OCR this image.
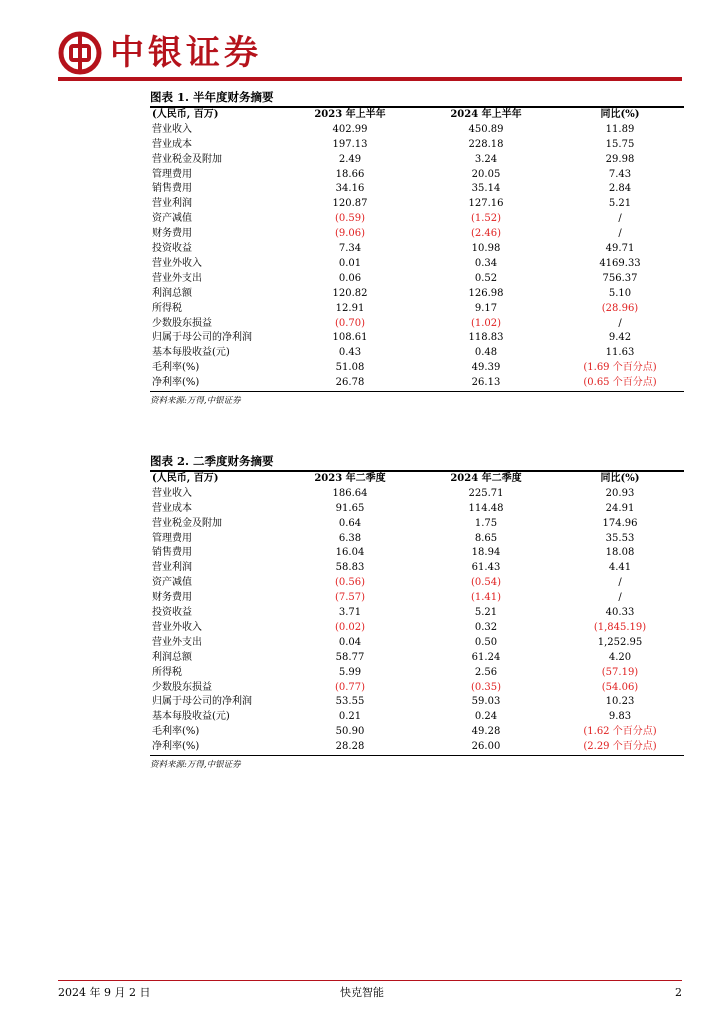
中银证券
图表 1. 半年度财务摘要
(人民币, 百万)	2023 年上半年	2024 年上半年	同比(%)
营业收入	402.99	450.89	11.89
营业成本	197.13	228.18	15.75
营业税金及附加	2.49	3.24	29.98
管理费用	18.66	20.05	7.43
销售费用	34.16	35.14	2.84
营业利润	120.87	127.16	5.21
资产减值	(0.59)	(1.52)	/
财务费用	(9.06)	(2.46)	/
投资收益	7.34	10.98	49.71
营业外收入	0.01	0.34	4169.33
营业外支出	0.06	0.52	756.37
利润总额	120.82	126.98	5.10
所得税	12.91	9.17	(28.96)
少数股东损益	(0.70)	(1.02)	/
归属于母公司的净利润	108.61	118.83	9.42
基本每股收益(元)	0.43	0.48	11.63
毛利率(%)	51.08	49.39	(1.69 个百分点)
净利率(%)	26.78	26.13	(0.65 个百分点)
资料来源:万得,中银证券
图表 2. 二季度财务摘要
(人民币, 百万)	2023 年二季度	2024 年二季度	同比(%)
营业收入	186.64	225.71	20.93
营业成本	91.65	114.48	24.91
营业税金及附加	0.64	1.75	174.96
管理费用	6.38	8.65	35.53
销售费用	16.04	18.94	18.08
营业利润	58.83	61.43	4.41
资产减值	(0.56)	(0.54)	/
财务费用	(7.57)	(1.41)	/
投资收益	3.71	5.21	40.33
营业外收入	(0.02)	0.32	(1,845.19)
营业外支出	0.04	0.50	1,252.95
利润总额	58.77	61.24	4.20
所得税	5.99	2.56	(57.19)
少数股东损益	(0.77)	(0.35)	(54.06)
归属于母公司的净利润	53.55	59.03	10.23
基本每股收益(元)	0.21	0.24	9.83
毛利率(%)	50.90	49.28	(1.62 个百分点)
净利率(%)	28.28	26.00	(2.29 个百分点)
资料来源:万得,中银证券
2024 年 9 月 2 日	快克智能	2
